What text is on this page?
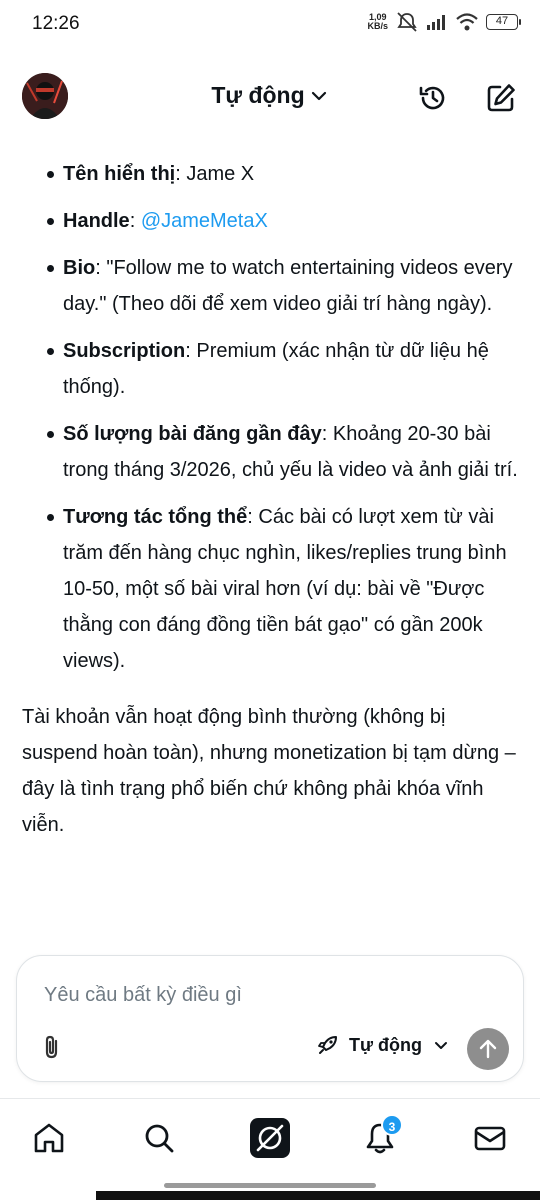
12:26	1,09
KB/s	47
Tự động
Tên hiển thị: Jame X
Handle: @JameMetaX
Bio: "Follow me to watch entertaining videos every day." (Theo dõi để xem video giải trí hàng ngày).
Subscription: Premium (xác nhận từ dữ liệu hệ thống).
Số lượng bài đăng gần đây: Khoảng 20-30 bài trong tháng 3/2026, chủ yếu là video và ảnh giải trí.
Tương tác tổng thể: Các bài có lượt xem từ vài trăm đến hàng chục nghìn, likes/replies trung bình 10-50, một số bài viral hơn (ví dụ: bài về "Được thằng con đáng đồng tiền bát gạo" có gần 200k views).

Tài khoản vẫn hoạt động bình thường (không bị suspend hoàn toàn), nhưng monetization bị tạm dừng – đây là tình trạng phổ biến chứ không phải khóa vĩnh viễn.

Yêu cầu bất kỳ điều gì
Tự động
3
